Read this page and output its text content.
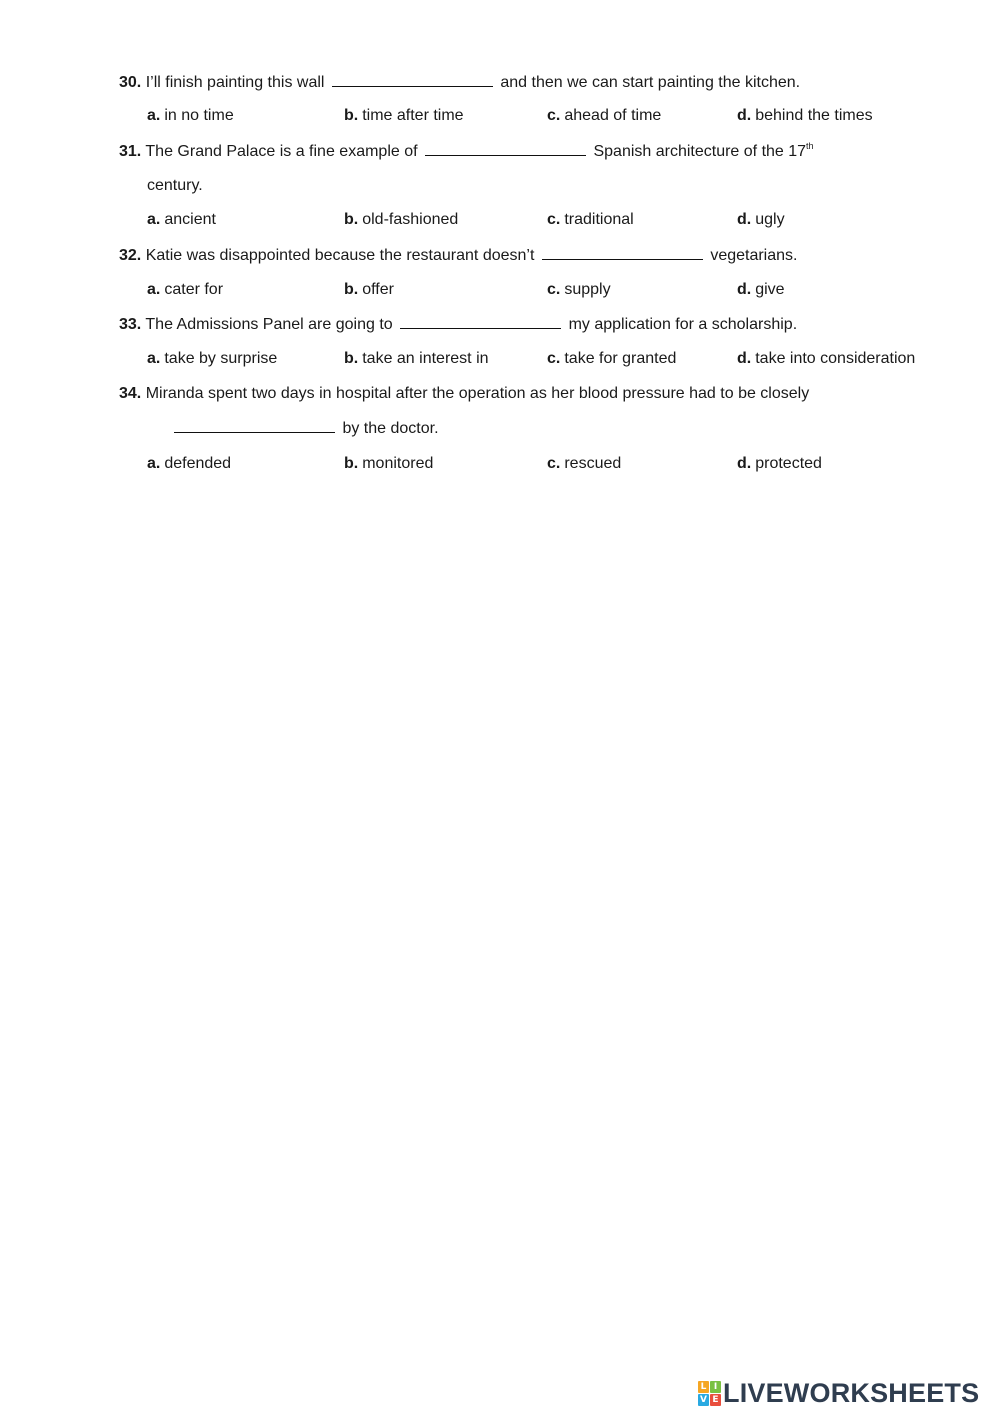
30. I’ll finish painting this wall	and then we can start painting the kitchen.
a. in no time	b. time after time	c. ahead of time	d. behind the times
31. The Grand Palace is a fine example of	Spanish architecture of the 17th
century.
a. ancient	b. old-fashioned	c. traditional	d. ugly
32. Katie was disappointed because the restaurant doesn’t	vegetarians.
a. cater for	b. offer	c. supply	d. give
33. The Admissions Panel are going to	my application for a scholarship.
a. take by surprise	b. take an interest in	c. take for granted	d. take into consideration
34. Miranda spent two days in hospital after the operation as her blood pressure had to be closely
by the doctor.
a. defended	b. monitored	c. rescued	d. protected
L I
V E LIVEWORKSHEETS
